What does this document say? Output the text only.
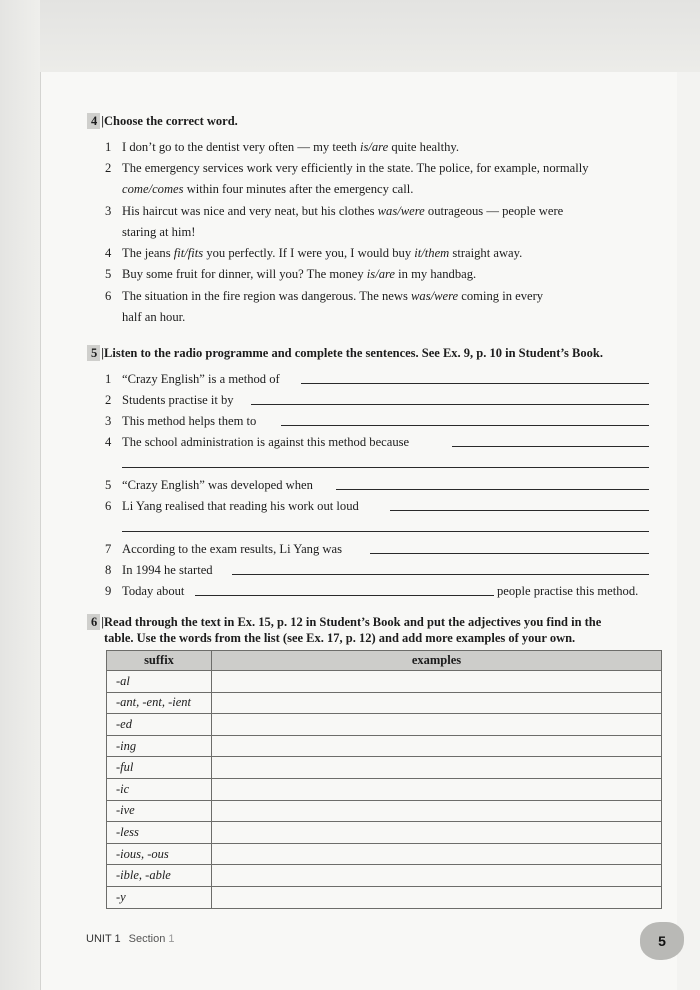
4 |Choose the correct word.
1 I don’t go to the dentist very often — my teeth is/are quite healthy.
2 The emergency services work very efficiently in the state. The police, for example, normally
come/comes within four minutes after the emergency call.
3 His haircut was nice and very neat, but his clothes was/were outrageous — people were
staring at him!
4 The jeans fit/fits you perfectly. If I were you, I would buy it/them straight away.
5 Buy some fruit for dinner, will you? The money is/are in my handbag.
6 The situation in the fire region was dangerous. The news was/were coming in every
half an hour.
5 |Listen to the radio programme and complete the sentences. See Ex. 9, p. 10 in Student’s Book.
1 “Crazy English” is a method of
2 Students practise it by
3 This method helps them to
4 The school administration is against this method because
5 “Crazy English” was developed when
6 Li Yang realised that reading his work out loud
7 According to the exam results, Li Yang was
8 In 1994 he started
9 Today about	people practise this method.
6 |Read through the text in Ex. 15, p. 12 in Student’s Book and put the adjectives you find in the
table. Use the words from the list (see Ex. 17, p. 12) and add more examples of your own.
suffix	examples
-al	
-ant, -ent, -ient	
-ed	
-ing	
-ful	
-ic	
-ive	
-less	
-ious, -ous	
-ible, -able	
-y	
UNIT 1 Section 1	5
